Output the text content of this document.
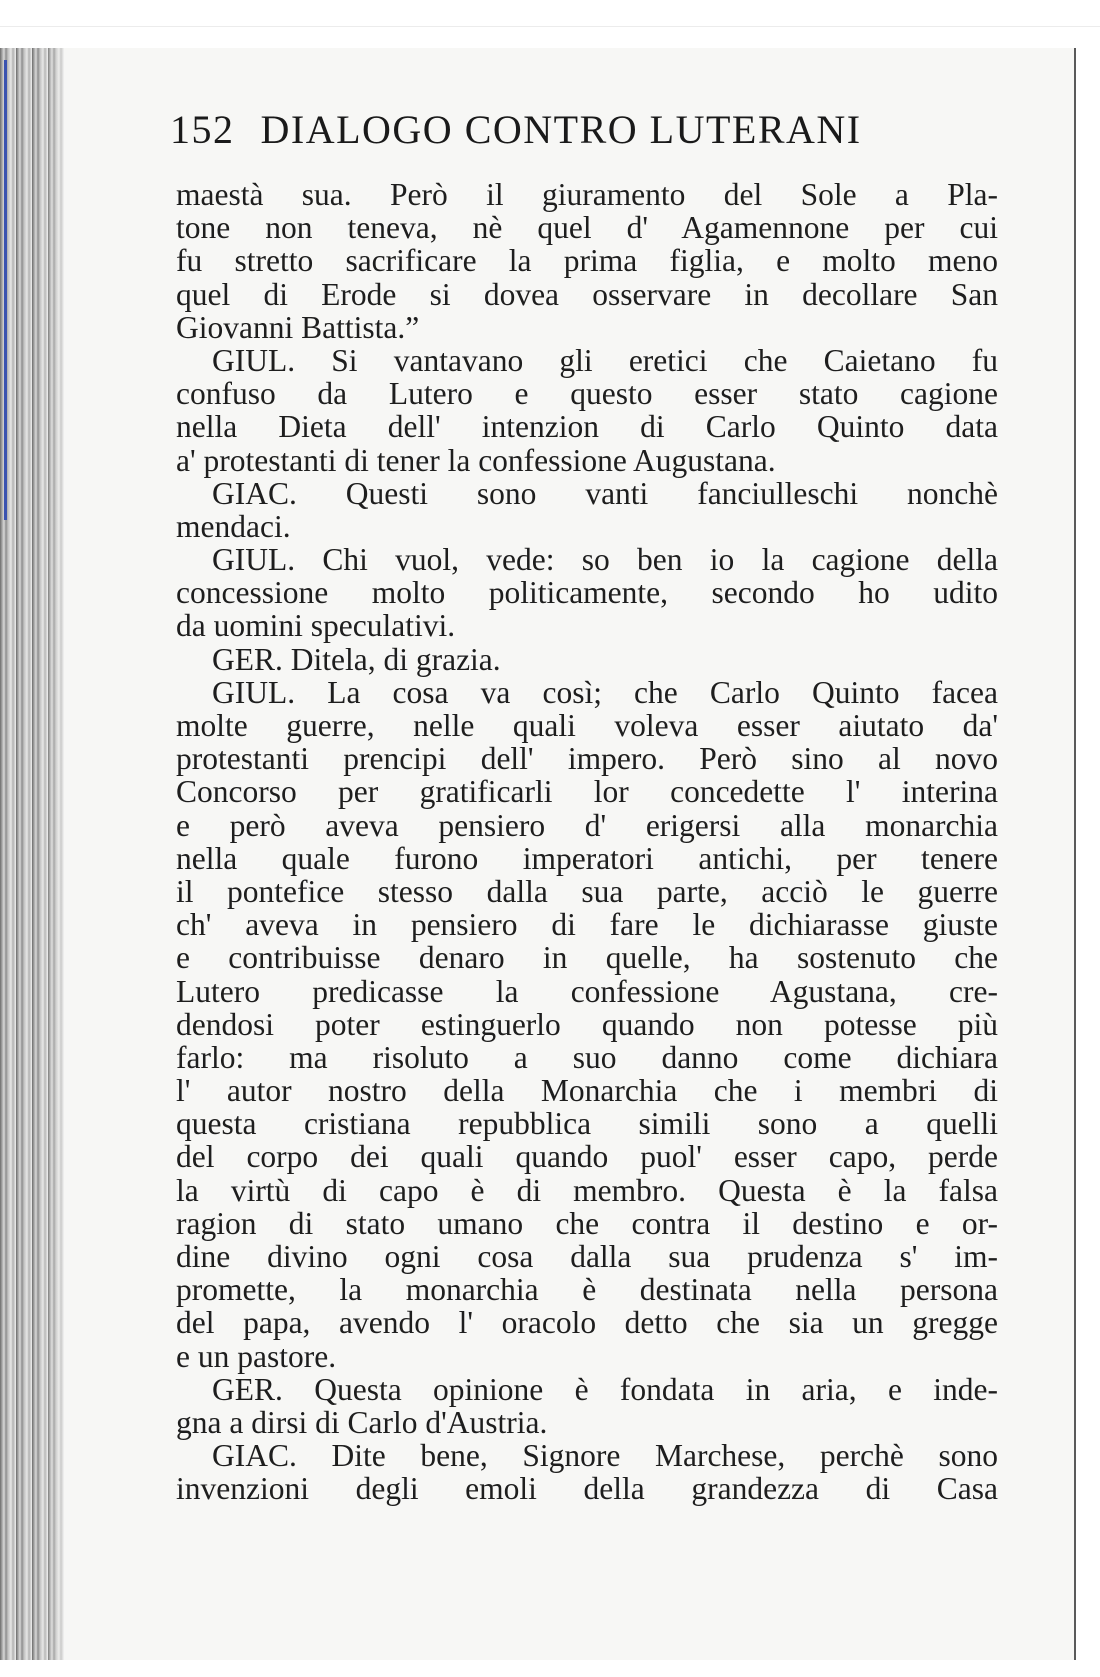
152 DIALOGO CONTRO LUTERANI
maestà sua. Però il giuramento del Sole a Pla-
tone non teneva, nè quel d' Agamennone per cui
fu stretto sacrificare la prima figlia, e molto meno
quel di Erode si dovea osservare in decollare San
Giovanni Battista.”
GIUL. Si vantavano gli eretici che Caietano fu
confuso da Lutero e questo esser stato cagione
nella Dieta dell' intenzion di Carlo Quinto data
a' protestanti di tener la confessione Augustana.
GIAC. Questi sono vanti fanciulleschi nonchè
mendaci.
GIUL. Chi vuol, vede: so ben io la cagione della
concessione molto politicamente, secondo ho udito
da uomini speculativi.
GER. Ditela, di grazia.
GIUL. La cosa va così; che Carlo Quinto facea
molte guerre, nelle quali voleva esser aiutato da'
protestanti prencipi dell' impero. Però sino al novo
Concorso per gratificarli lor concedette l' interina
e però aveva pensiero d' erigersi alla monarchia
nella quale furono imperatori antichi, per tenere
il pontefice stesso dalla sua parte, acciò le guerre
ch' aveva in pensiero di fare le dichiarasse giuste
e contribuisse denaro in quelle, ha sostenuto che
Lutero predicasse la confessione Agustana, cre-
dendosi poter estinguerlo quando non potesse più
farlo: ma risoluto a suo danno come dichiara
l' autor nostro della Monarchia che i membri di
questa cristiana repubblica simili sono a quelli
del corpo dei quali quando puol' esser capo, perde
la virtù di capo è di membro. Questa è la falsa
ragion di stato umano che contra il destino e or-
dine divino ogni cosa dalla sua prudenza s' im-
promette, la monarchia è destinata nella persona
del papa, avendo l' oracolo detto che sia un gregge
e un pastore.
GER. Questa opinione è fondata in aria, e inde-
gna a dirsi di Carlo d'Austria.
GIAC. Dite bene, Signore Marchese, perchè sono
invenzioni degli emoli della grandezza di Casa
